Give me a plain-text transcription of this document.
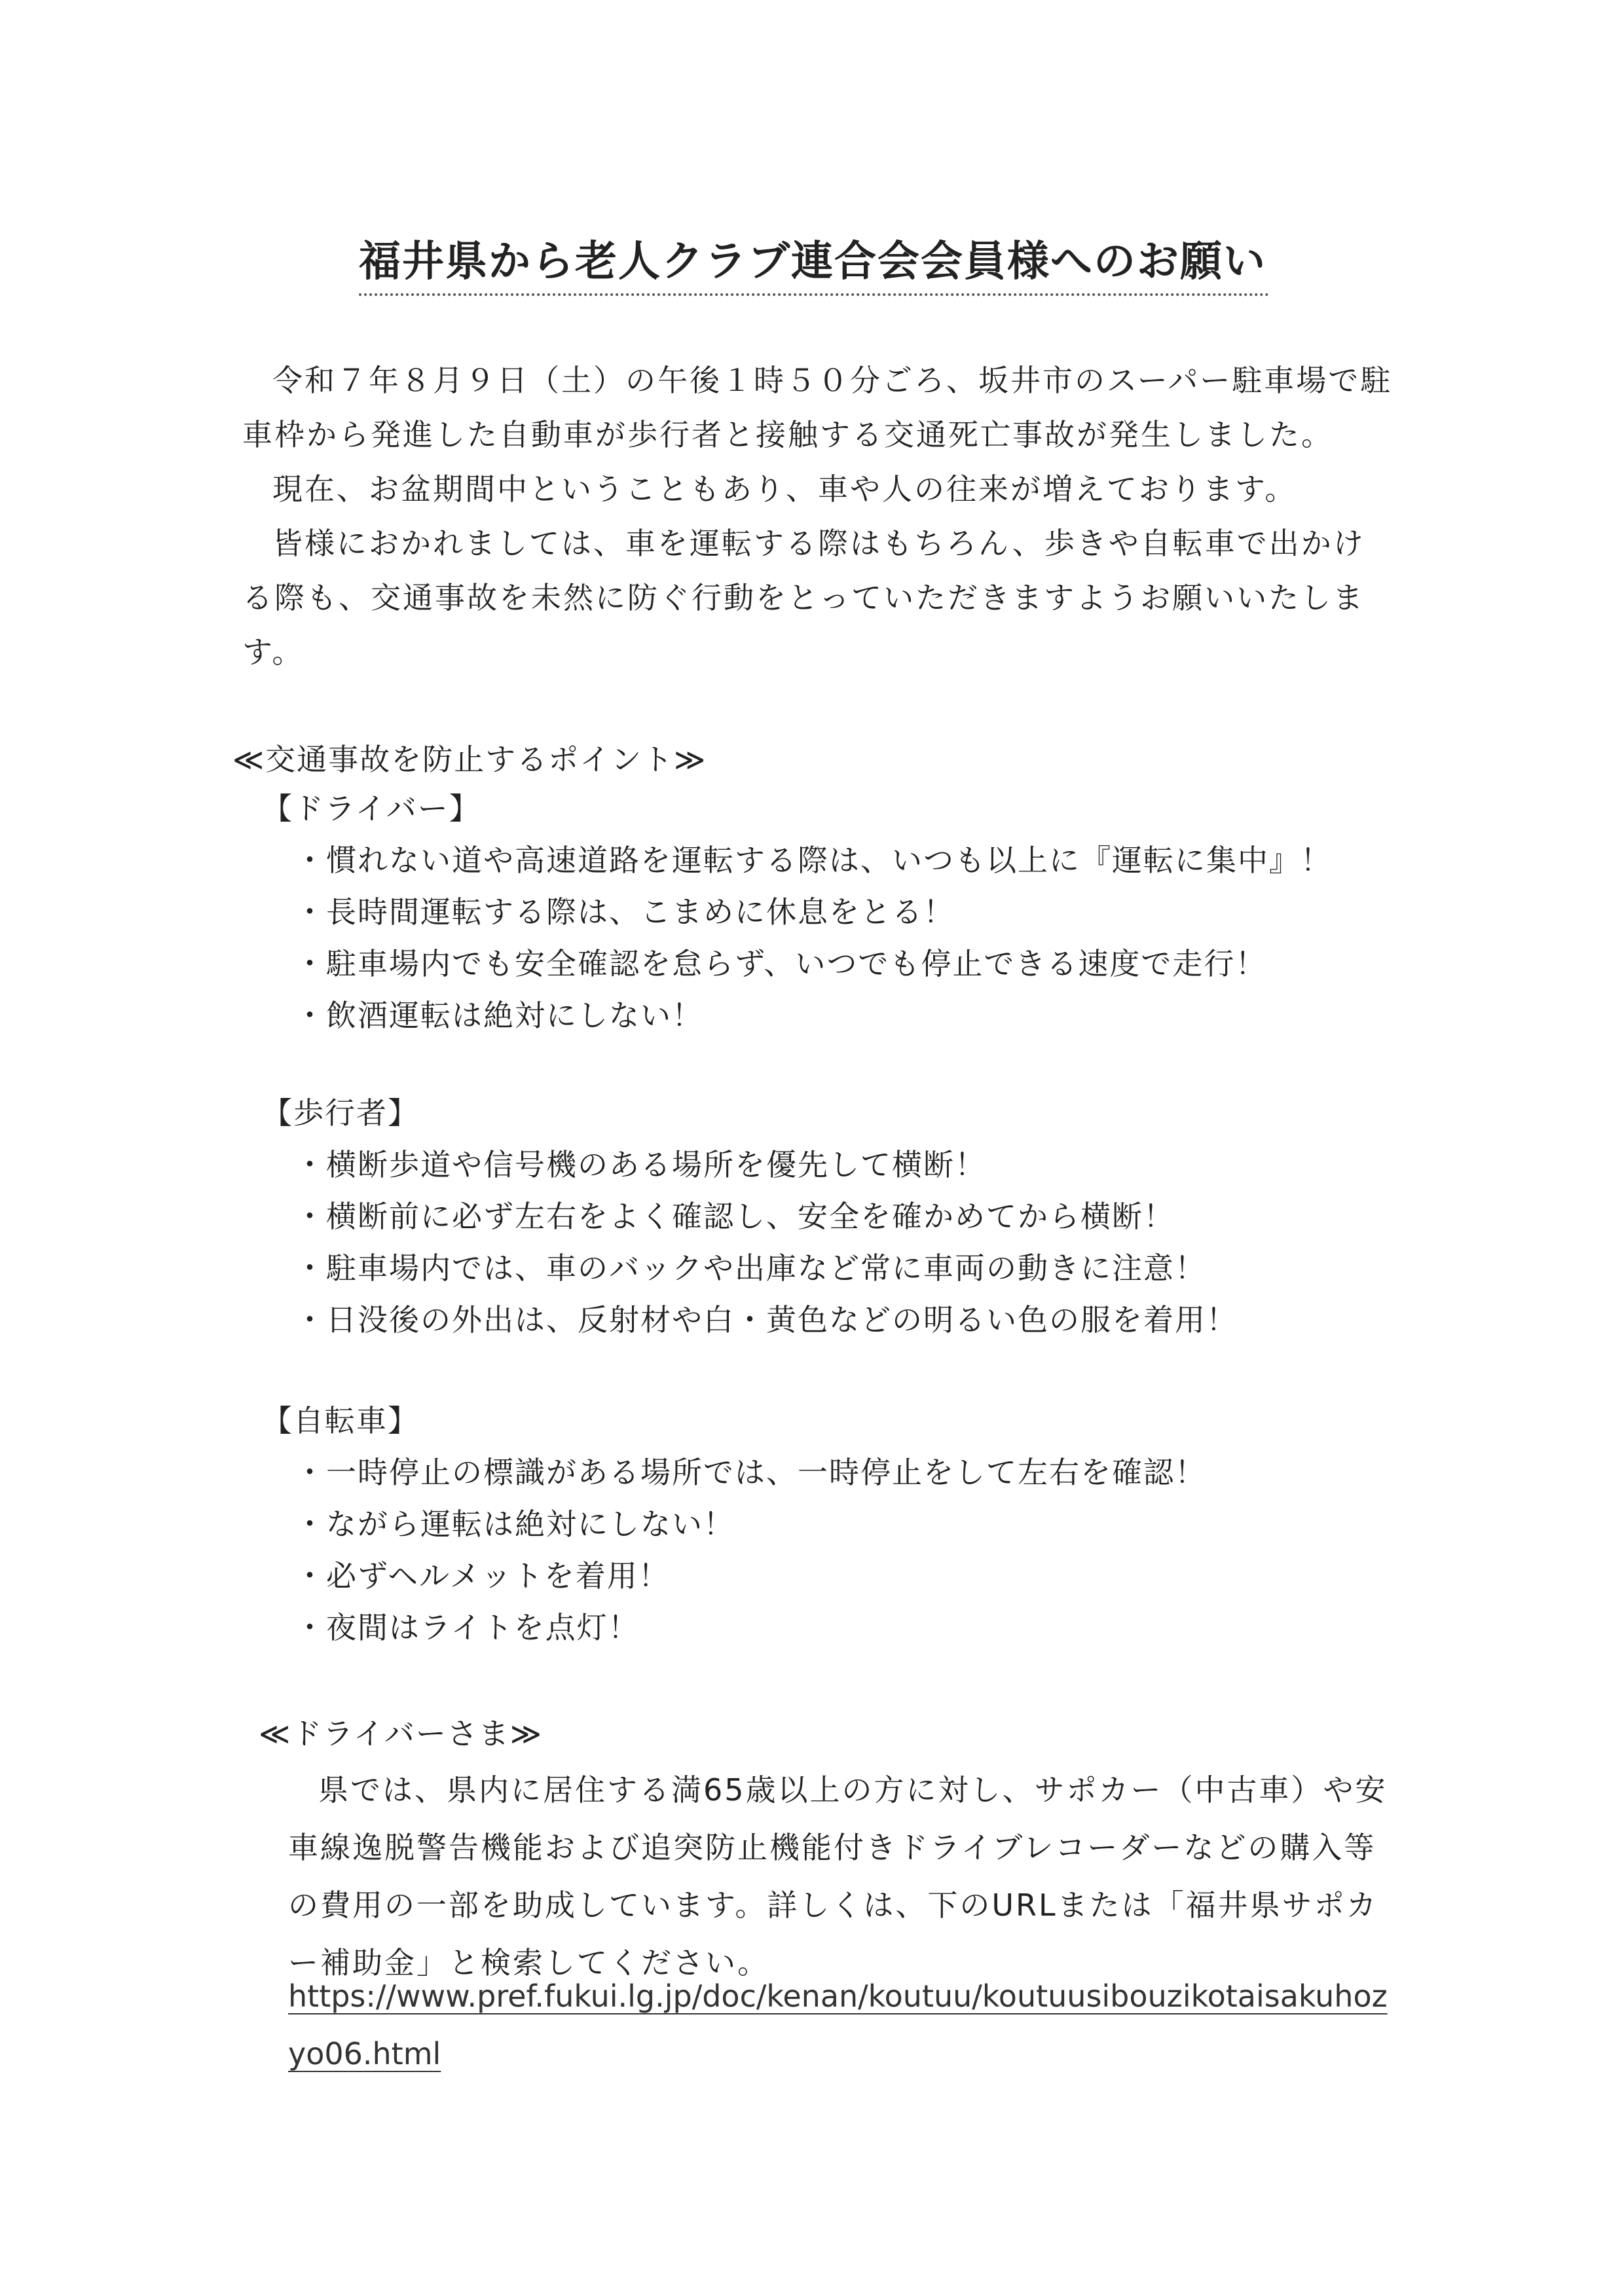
福井県から老人クラブ連合会会員様へのお願い

令和７年８月９日（土）の午後１時５０分ごろ、坂井市のスーパー駐車場で駐車枠から発進した自動車が歩行者と接触する交通死亡事故が発生しました。

現在、お盆期間中ということもあり、車や人の往来が増えております。

皆様におかれましては、車を運転する際はもちろん、歩きや自転車で出かける際も、交通事故を未然に防ぐ行動をとっていただきますようお願いいたします。

≪交通事故を防止するポイント≫
【ドライバー】
・慣れない道や高速道路を運転する際は、いつも以上に『運転に集中』！
・長時間運転する際は、こまめに休息をとる！
・駐車場内でも安全確認を怠らず、いつでも停止できる速度で走行！
・飲酒運転は絶対にしない！
【歩行者】
・横断歩道や信号機のある場所を優先して横断！
・横断前に必ず左右をよく確認し、安全を確かめてから横断！
・駐車場内では、車のバックや出庫など常に車両の動きに注意！
・日没後の外出は、反射材や白・黄色などの明るい色の服を着用！
【自転車】
・一時停止の標識がある場所では、一時停止をして左右を確認！
・ながら運転は絶対にしない！
・必ずヘルメットを着用！
・夜間はライトを点灯！
≪ドライバーさま≫

県では、県内に居住する満65歳以上の方に対し、サポカー（中古車）や安車線逸脱警告機能および追突防止機能付きドライブレコーダーなどの購入等の費用の一部を助成しています。詳しくは、下のURLまたは「福井県サポカー補助金」と検索してください。

https://www.pref.fukui.lg.jp/doc/kenan/koutuu/koutuusibouzikotaisakuhozyo06.html
